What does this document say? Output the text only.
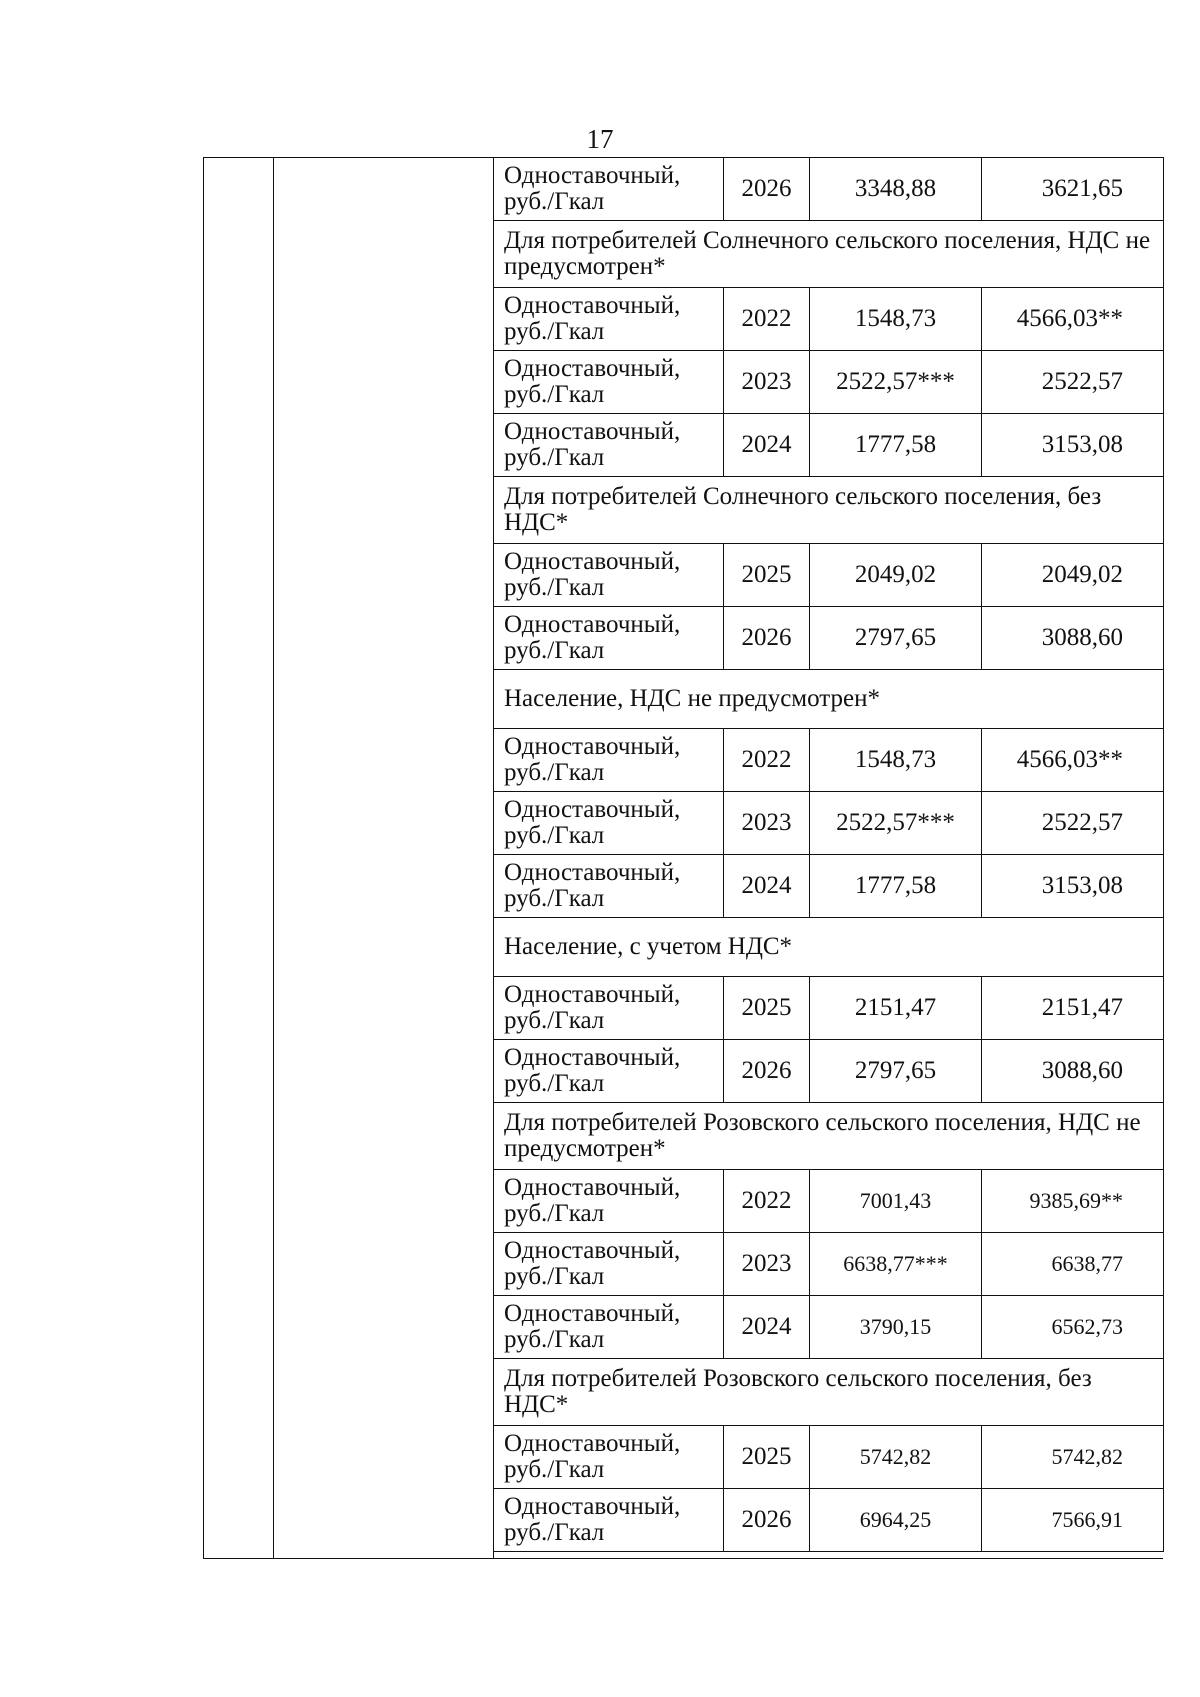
17
Одноставочный,
руб./Гкал	2026	3348,88	3621,65
Для потребителей Солнечного сельского поселения, НДС не предусмотрен*			

Одноставочный,
руб./Гкал	2022	1548,73	4566,03**

Одноставочный,
руб./Гкал	2023	2522,57***	2522,57

Одноставочный,
руб./Гкал	2024	1777,58	3153,08
Для потребителей Солнечного сельского поселения, без НДС*			

Одноставочный,
руб./Гкал	2025	2049,02	2049,02

Одноставочный,
руб./Гкал	2026	2797,65	3088,60
Население, НДС не предусмотрен*			

Одноставочный,
руб./Гкал	2022	1548,73	4566,03**

Одноставочный,
руб./Гкал	2023	2522,57***	2522,57

Одноставочный,
руб./Гкал	2024	1777,58	3153,08
Население, с учетом НДС*			

Одноставочный,
руб./Гкал	2025	2151,47	2151,47

Одноставочный,
руб./Гкал	2026	2797,65	3088,60
Для потребителей Розовского сельского поселения, НДС не предусмотрен*			

Одноставочный,
руб./Гкал	2022	7001,43	9385,69**

Одноставочный,
руб./Гкал	2023	6638,77***	6638,77

Одноставочный,
руб./Гкал	2024	3790,15	6562,73
Для потребителей Розовского сельского поселения, без НДС*			

Одноставочный,
руб./Гкал	2025	5742,82	5742,82

Одноставочный,
руб./Гкал	2026	6964,25	7566,91
